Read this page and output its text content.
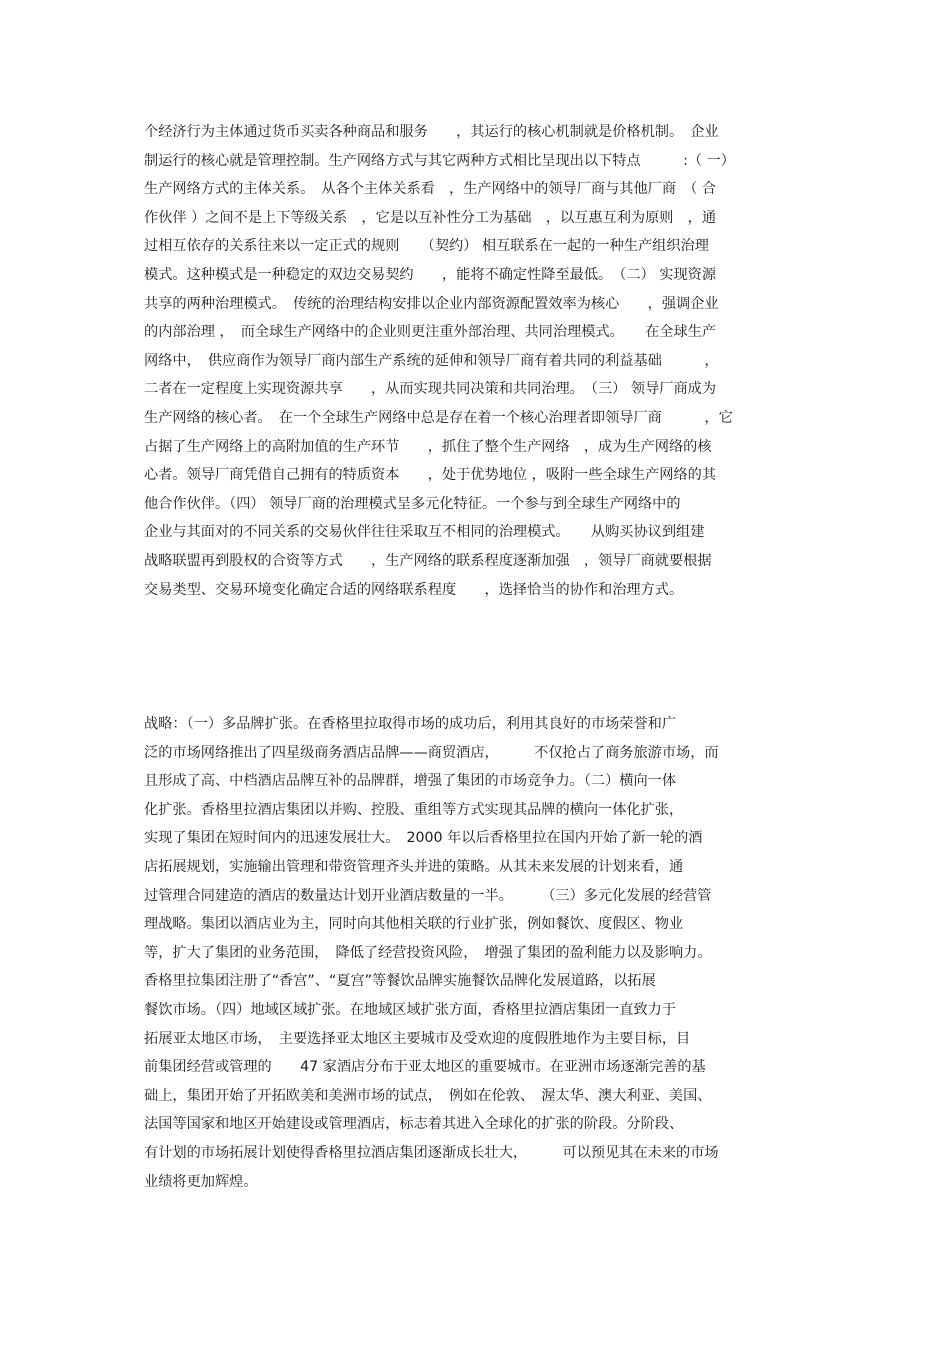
个经济行为主体通过货币买卖各种商品和服务　　，其运行的核心机制就是价格机制。　企业
制运行的核心就是管理控制。生产网络方式与其它两种方式相比呈现出以下特点　　　:（ 一）
生产网络方式的主体关系。　从各个主体关系看　，生产网络中的领导厂商与其他厂商　（ 合
作伙伴 ）之间不是上下等级关系　，它是以互补性分工为基础　，以互惠互利为原则　，通
过相互依存的关系往来以一定正式的规则　　（契约） 相互联系在一起的一种生产组织治理
模式。这种模式是一种稳定的双边交易契约　　，能将不确定性降至最低。　（二） 实现资源
共享的两种治理模式。　传统的治理结构安排以企业内部资源配置效率为核心　　，强调企业
的内部治理 ，　而全球生产网络中的企业则更注重外部治理、共同治理模式。　　在全球生产
网络中，　供应商作为领导厂商内部生产系统的延伸和领导厂商有着共同的利益基础　　　，
二者在一定程度上实现资源共享　　，从而实现共同决策和共同治理。　（三） 领导厂商成为
生产网络的核心者。　在一个全球生产网络中总是存在着一个核心治理者即领导厂商　　　，它
占据了生产网络上的高附加值的生产环节　　，抓住了整个生产网络　，成为生产网络的核
心者。领导厂商凭借自己拥有的特质资本　　，处于优势地位 ，吸附一些全球生产网络的其
他合作伙伴。（四） 领导厂商的治理模式呈多元化特征。一个参与到全球生产网络中的
企业与其面对的不同关系的交易伙伴往往采取互不相同的治理模式。　　从购买协议到组建
战略联盟再到股权的合资等方式　　，生产网络的联系程度逐渐加强　，领导厂商就要根据
交易类型、交易环境变化确定合适的网络联系程度　　，选择恰当的协作和治理方式。
战略：（一）多品牌扩张。在香格里拉取得市场的成功后，利用其良好的市场荣誉和广
泛的市场网络推出了四星级商务酒店品牌——商贸酒店，　　　不仅抢占了商务旅游市场，而
且形成了高、中档酒店品牌互补的品牌群，增强了集团的市场竞争力。（二）横向一体
化扩张。香格里拉酒店集团以并购、控股、重组等方式实现其品牌的横向一体化扩张，
实现了集团在短时间内的迅速发展壮大。　2000 年以后香格里拉在国内开始了新一轮的酒
店拓展规划，实施输出管理和带资管理齐头并进的策略。从其未来发展的计划来看，通
过管理合同建造的酒店的数量达计划开业酒店数量的一半。　　　（三）多元化发展的经营管
理战略。集团以酒店业为主，同时向其他相关联的行业扩张，例如餐饮、度假区、物业
等，扩大了集团的业务范围，　降低了经营投资风险，　增强了集团的盈利能力以及影响力。
香格里拉集团注册了“香宫”、“夏宫”等餐饮品牌实施餐饮品牌化发展道路，以拓展
餐饮市场。（四）地域区域扩张。在地域区域扩张方面，香格里拉酒店集团一直致力于
拓展亚太地区市场，　主要选择亚太地区主要城市及受欢迎的度假胜地作为主要目标，目
前集团经营或管理的　　47 家酒店分布于亚太地区的重要城市。在亚洲市场逐渐完善的基
础上，集团开始了开拓欧美和美洲市场的试点，　例如在伦敦、　渥太华、澳大利亚、美国、
法国等国家和地区开始建设或管理酒店，标志着其进入全球化的扩张的阶段。分阶段、
有计划的市场拓展计划使得香格里拉酒店集团逐渐成长壮大，　　　可以预见其在未来的市场
业绩将更加辉煌。
